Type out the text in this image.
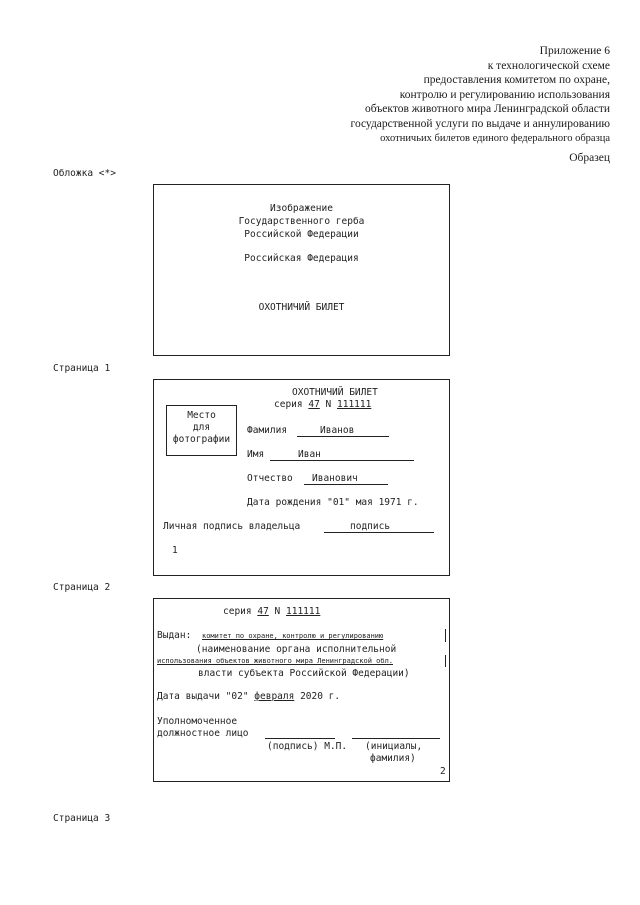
Приложение 6
к технологической схеме
предоставления комитетом по охране,
контролю и регулированию использования
объектов животного мира Ленинградской области
государственной услуги по выдаче и аннулированию
охотничьих билетов единого федерального образца
Образец
Обложка <*>
Изображение
Государственного герба
Российской Федерации
Российская Федерация
ОХОТНИЧИЙ БИЛЕТ
Страница 1
ОХОТНИЧИЙ БИЛЕТ
серия 47 N 111111
Место
для
фотографии
Фамилия	Иванов
Имя	Иван
Отчество Иванович
Дата рождения "01" мая 1971 г.
Личная подпись владельца	подпись
1
Страница 2
серия 47 N 111111
Выдан: комитет по охране, контролю и регулированию
(наименование органа исполнительной
использования объектов животного мира Ленинградской обл.
власти субъекта Российской Федерации)
Дата выдачи "02" февраля 2020 г.
Уполномоченное
должностное лицо
(подпись) М.П. (инициалы,
фамилия)
2
Страница 3
